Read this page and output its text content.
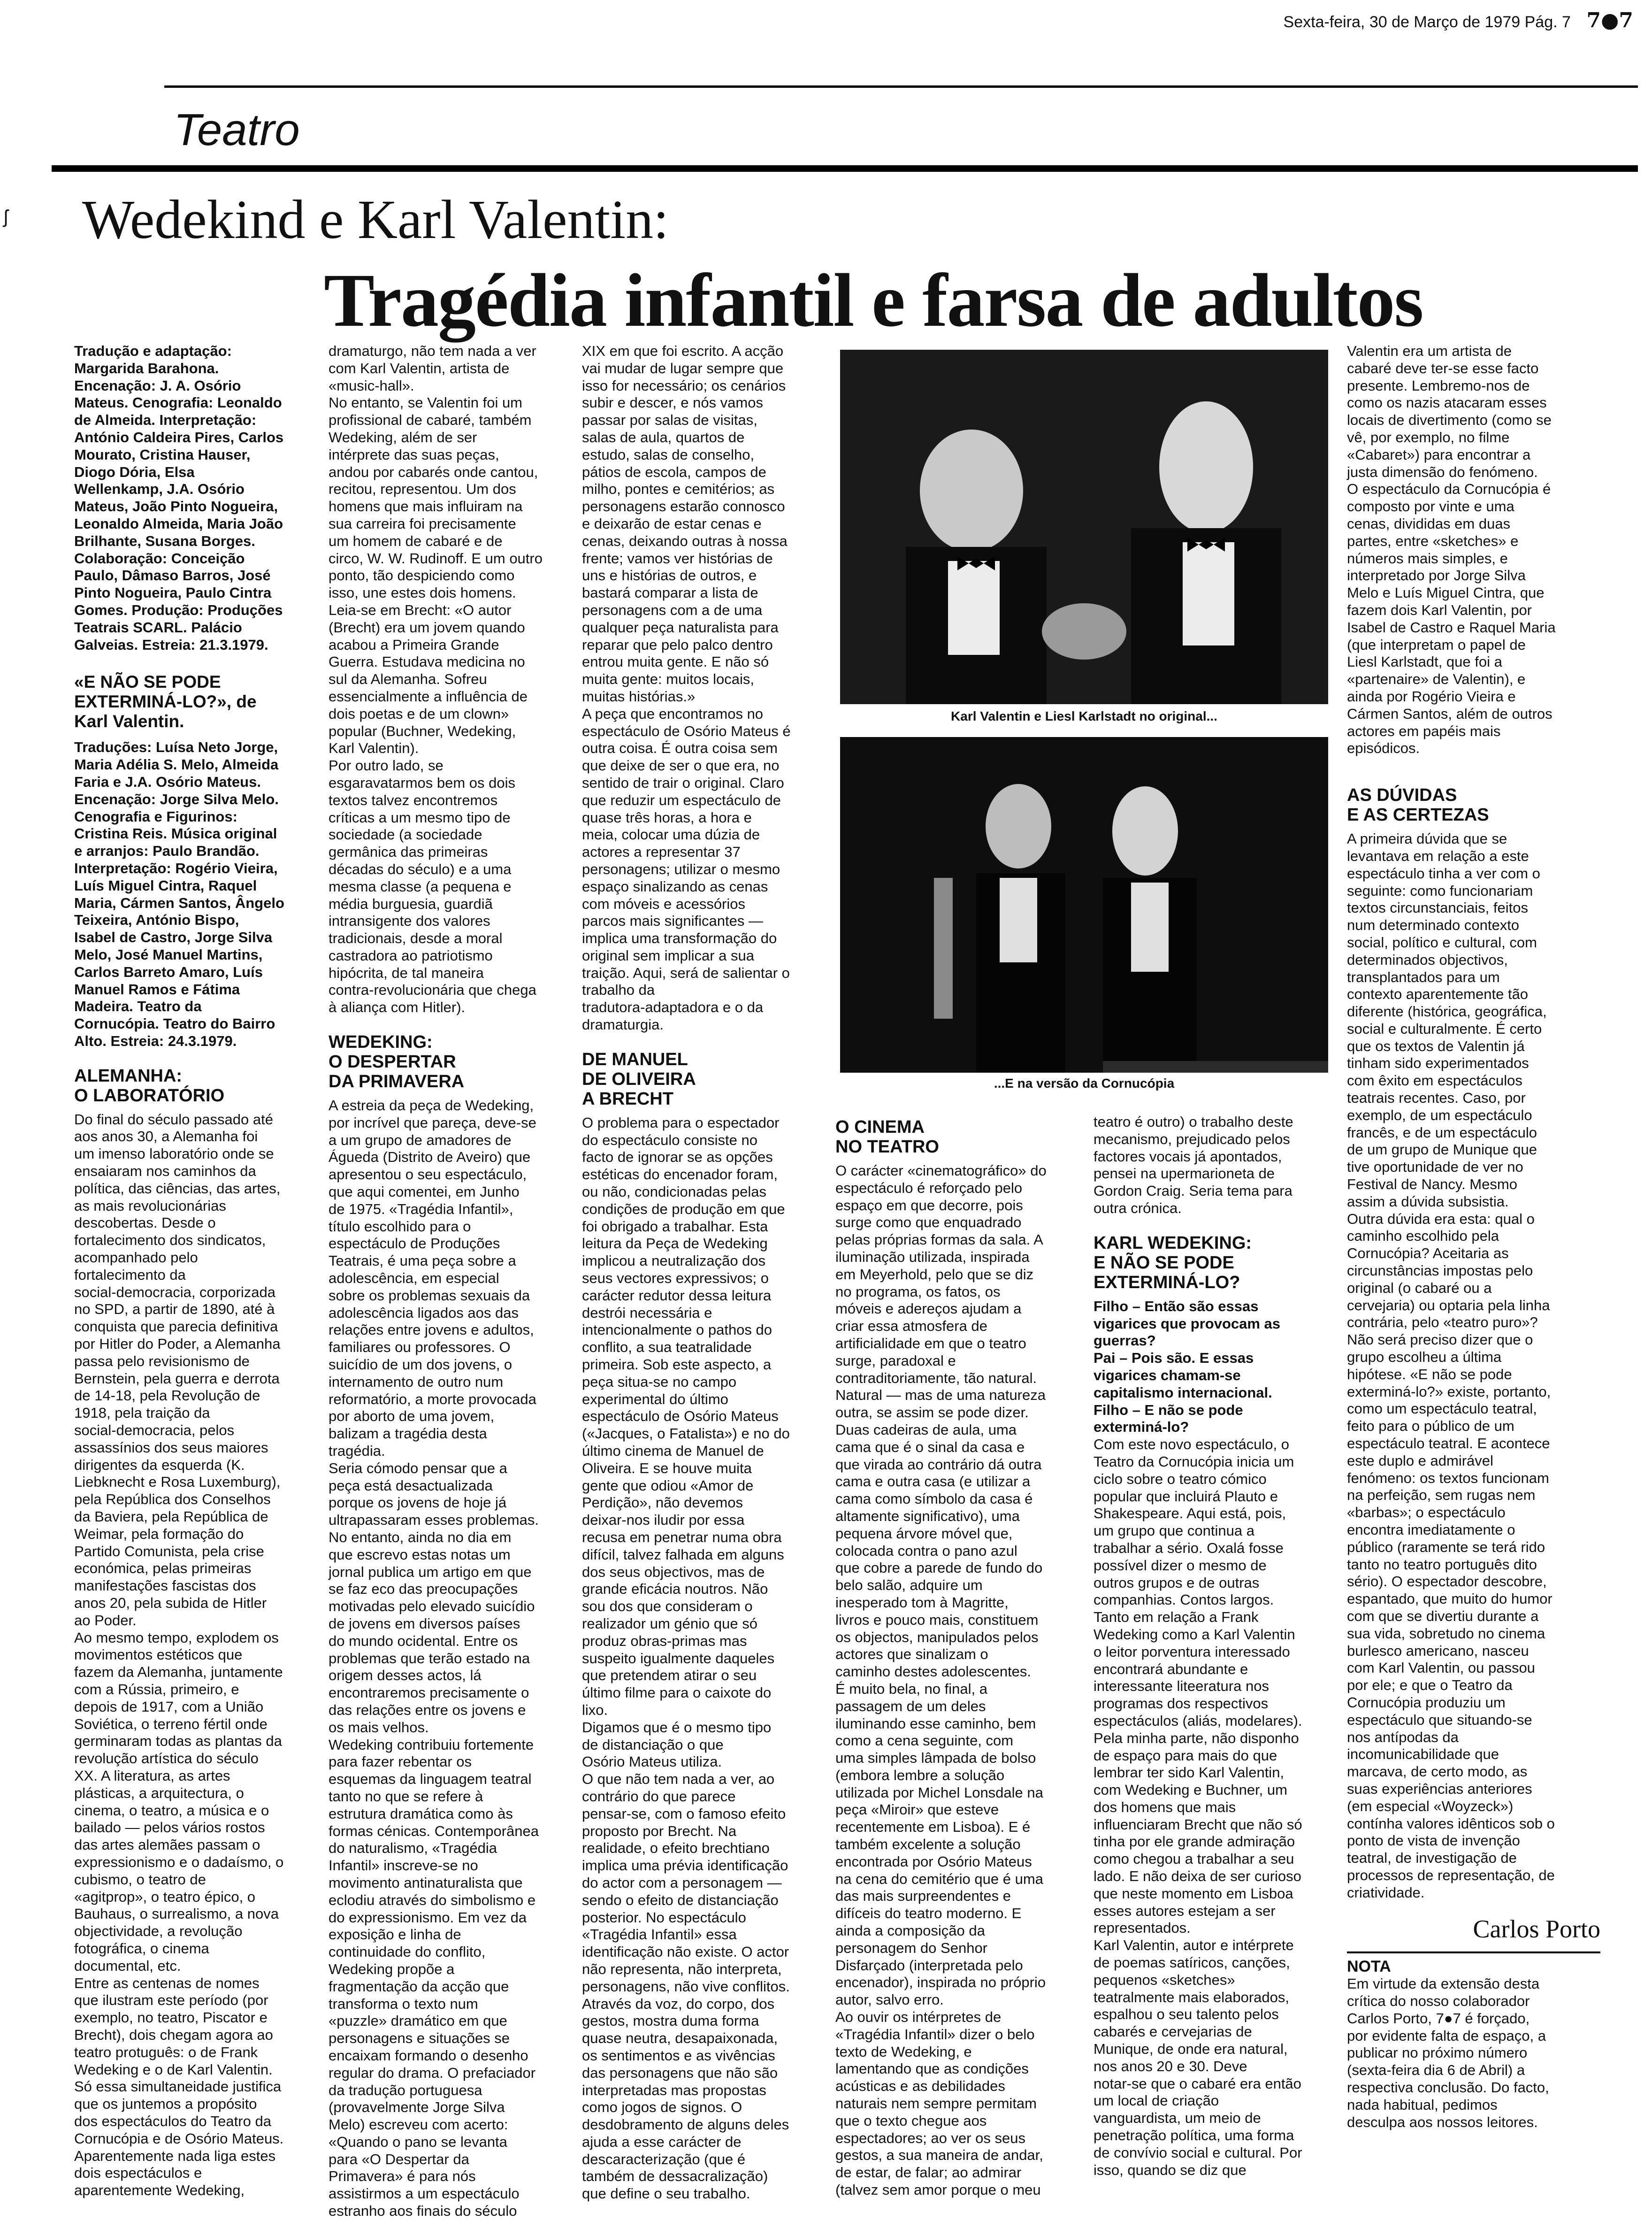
Sexta-feira, 30 de Março de 1979 Pág. 7 7●7
Teatro
ʃ Wedekind e Karl Valentin:
Tragédia infantil e farsa de adultos

Tradução e adaptação:

Margarida Barahona.

Encenação: J. A. Osório

Mateus. Cenografia: Leonaldo

de Almeida. Interpretação:

António Caldeira Pires, Carlos

Mourato, Cristina Hauser,

Diogo Dória, Elsa

Wellenkamp, J.A. Osório

Mateus, João Pinto Nogueira,

Leonaldo Almeida, Maria João

Brilhante, Susana Borges.

Colaboração: Conceição

Paulo, Dâmaso Barros, José

Pinto Nogueira, Paulo Cintra

Gomes. Produção: Produções

Teatrais SCARL. Palácio

Galveias. Estreia: 21.3.1979.

«E NÃO SE PODE

EXTERMINÁ-LO?», de

Karl Valentin.

Traduções: Luísa Neto Jorge,

Maria Adélia S. Melo, Almeida

Faria e J.A. Osório Mateus.

Encenação: Jorge Silva Melo.

Cenografia e Figurinos:

Cristina Reis. Música original

e arranjos: Paulo Brandão.

Interpretação: Rogério Vieira,

Luís Miguel Cintra, Raquel

Maria, Cármen Santos, Ângelo

Teixeira, António Bispo,

Isabel de Castro, Jorge Silva

Melo, José Manuel Martins,

Carlos Barreto Amaro, Luís

Manuel Ramos e Fátima

Madeira. Teatro da

Cornucópia. Teatro do Bairro

Alto. Estreia: 24.3.1979.

ALEMANHA:

O LABORATÓRIO

Do final do século passado até

aos anos 30, a Alemanha foi

um imenso laboratório onde se

ensaiaram nos caminhos da

política, das ciências, das artes,

as mais revolucionárias

descobertas. Desde o

fortalecimento dos sindicatos,

acompanhado pelo

fortalecimento da

social-democracia, corporizada

no SPD, a partir de 1890, até à

conquista que parecia definitiva

por Hitler do Poder, a Alemanha

passa pelo revisionismo de

Bernstein, pela guerra e derrota

de 14-18, pela Revolução de

1918, pela traição da

social-democracia, pelos

assassínios dos seus maiores

dirigentes da esquerda (K.

Liebknecht e Rosa Luxemburg),

pela República dos Conselhos

da Baviera, pela República de

Weimar, pela formação do

Partido Comunista, pela crise

económica, pelas primeiras

manifestações fascistas dos

anos 20, pela subida de Hitler

ao Poder.

Ao mesmo tempo, explodem os

movimentos estéticos que

fazem da Alemanha, juntamente

com a Rússia, primeiro, e

depois de 1917, com a União

Soviética, o terreno fértil onde

germinaram todas as plantas da

revolução artística do século

XX. A literatura, as artes

plásticas, a arquitectura, o

cinema, o teatro, a música e o

bailado — pelos vários rostos

das artes alemães passam o

expressionismo e o dadaísmo, o

cubismo, o teatro de

«agitprop», o teatro épico, o

Bauhaus, o surrealismo, a nova

objectividade, a revolução

fotográfica, o cinema

documental, etc.

Entre as centenas de nomes

que ilustram este período (por

exemplo, no teatro, Piscator e

Brecht), dois chegam agora ao

teatro protuguês: o de Frank

Wedeking e o de Karl Valentin.

Só essa simultaneidade justifica

que os juntemos a propósito

dos espectáculos do Teatro da

Cornucópia e de Osório Mateus.

Aparentemente nada liga estes

dois espectáculos e

aparentemente Wedeking,

dramaturgo, não tem nada a ver

com Karl Valentin, artista de

«music-hall».

No entanto, se Valentin foi um

profissional de cabaré, também

Wedeking, além de ser

intérprete das suas peças,

andou por cabarés onde cantou,

recitou, representou. Um dos

homens que mais influiram na

sua carreira foi precisamente

um homem de cabaré e de

circo, W. W. Rudinoff. E um outro

ponto, tão despiciendo como

isso, une estes dois homens.

Leia-se em Brecht: «O autor

(Brecht) era um jovem quando

acabou a Primeira Grande

Guerra. Estudava medicina no

sul da Alemanha. Sofreu

essencialmente a influência de

dois poetas e de um clown»

popular (Buchner, Wedeking,

Karl Valentin).

Por outro lado, se

esgaravatarmos bem os dois

textos talvez encontremos

críticas a um mesmo tipo de

sociedade (a sociedade

germânica das primeiras

décadas do século) e a uma

mesma classe (a pequena e

média burguesia, guardiã

intransigente dos valores

tradicionais, desde a moral

castradora ao patriotismo

hipócrita, de tal maneira

contra-revolucionária que chega

à aliança com Hitler).

WEDEKING:

O DESPERTAR

DA PRIMAVERA

A estreia da peça de Wedeking,

por incrível que pareça, deve-se

a um grupo de amadores de

Águeda (Distrito de Aveiro) que

apresentou o seu espectáculo,

que aqui comentei, em Junho

de 1975. «Tragédia Infantil»,

título escolhido para o

espectáculo de Produções

Teatrais, é uma peça sobre a

adolescência, em especial

sobre os problemas sexuais da

adolescência ligados aos das

relações entre jovens e adultos,

familiares ou professores. O

suicídio de um dos jovens, o

internamento de outro num

reformatório, a morte provocada

por aborto de uma jovem,

balizam a tragédia desta

tragédia.

Seria cómodo pensar que a

peça está desactualizada

porque os jovens de hoje já

ultrapassaram esses problemas.

No entanto, ainda no dia em

que escrevo estas notas um

jornal publica um artigo em que

se faz eco das preocupações

motivadas pelo elevado suicídio

de jovens em diversos países

do mundo ocidental. Entre os

problemas que terão estado na

origem desses actos, lá

encontraremos precisamente o

das relações entre os jovens e

os mais velhos.

Wedeking contribuiu fortemente

para fazer rebentar os

esquemas da linguagem teatral

tanto no que se refere à

estrutura dramática como às

formas cénicas. Contemporânea

do naturalismo, «Tragédia

Infantil» inscreve-se no

movimento antinaturalista que

eclodiu através do simbolismo e

do expressionismo. Em vez da

exposição e linha de

continuidade do conflito,

Wedeking propõe a

fragmentação da acção que

transforma o texto num

«puzzle» dramático em que

personagens e situações se

encaixam formando o desenho

regular do drama. O prefaciador

da tradução portuguesa

(provavelmente Jorge Silva

Melo) escreveu com acerto:

«Quando o pano se levanta

para «O Despertar da

Primavera» é para nós

assistirmos a um espectáculo

estranho aos finais do século

XIX em que foi escrito. A acção

vai mudar de lugar sempre que

isso for necessário; os cenários

subir e descer, e nós vamos

passar por salas de visitas,

salas de aula, quartos de

estudo, salas de conselho,

pátios de escola, campos de

milho, pontes e cemitérios; as

personagens estarão connosco

e deixarão de estar cenas e

cenas, deixando outras à nossa

frente; vamos ver histórias de

uns e histórias de outros, e

bastará comparar a lista de

personagens com a de uma

qualquer peça naturalista para

reparar que pelo palco dentro

entrou muita gente. E não só

muita gente: muitos locais,

muitas histórias.»

A peça que encontramos no

espectáculo de Osório Mateus é

outra coisa. É outra coisa sem

que deixe de ser o que era, no

sentido de trair o original. Claro

que reduzir um espectáculo de

quase três horas, a hora e

meia, colocar uma dúzia de

actores a representar 37

personagens; utilizar o mesmo

espaço sinalizando as cenas

com móveis e acessórios

parcos mais significantes —

implica uma transformação do

original sem implicar a sua

traição. Aqui, será de salientar o

trabalho da

tradutora-adaptadora e o da

dramaturgia.

DE MANUEL

DE OLIVEIRA

A BRECHT

O problema para o espectador

do espectáculo consiste no

facto de ignorar se as opções

estéticas do encenador foram,

ou não, condicionadas pelas

condições de produção em que

foi obrigado a trabalhar. Esta

leitura da Peça de Wedeking

implicou a neutralização dos

seus vectores expressivos; o

carácter redutor dessa leitura

destrói necessária e

intencionalmente o pathos do

conflito, a sua teatralidade

primeira. Sob este aspecto, a

peça situa-se no campo

experimental do último

espectáculo de Osório Mateus

(«Jacques, o Fatalista») e no do

último cinema de Manuel de

Oliveira. E se houve muita

gente que odiou «Amor de

Perdição», não devemos

deixar-nos iludir por essa

recusa em penetrar numa obra

difícil, talvez falhada em alguns

dos seus objectivos, mas de

grande eficácia noutros. Não

sou dos que consideram o

realizador um génio que só

produz obras-primas mas

suspeito igualmente daqueles

que pretendem atirar o seu

último filme para o caixote do

lixo.

Digamos que é o mesmo tipo

de distanciação o que

Osório Mateus utiliza.

O que não tem nada a ver, ao

contrário do que parece

pensar-se, com o famoso efeito

proposto por Brecht. Na

realidade, o efeito brechtiano

implica uma prévia identificação

do actor com a personagem —

sendo o efeito de distanciação

posterior. No espectáculo

«Tragédia Infantil» essa

identificação não existe. O actor

não representa, não interpreta,

personagens, não vive conflitos.

Através da voz, do corpo, dos

gestos, mostra duma forma

quase neutra, desapaixonada,

os sentimentos e as vivências

das personagens que não são

interpretadas mas propostas

como jogos de signos. O

desdobramento de alguns deles

ajuda a esse carácter de

descaracterização (que é

também de dessacralização)

que define o seu trabalho.

Karl Valentin e Liesl Karlstadt no original...
...E na versão da Cornucópia

O CINEMA

NO TEATRO

O carácter «cinematográfico» do

espectáculo é reforçado pelo

espaço em que decorre, pois

surge como que enquadrado

pelas próprias formas da sala. A

iluminação utilizada, inspirada

em Meyerhold, pelo que se diz

no programa, os fatos, os

móveis e adereços ajudam a

criar essa atmosfera de

artificialidade em que o teatro

surge, paradoxal e

contraditoriamente, tão natural.

Natural — mas de uma natureza

outra, se assim se pode dizer.

Duas cadeiras de aula, uma

cama que é o sinal da casa e

que virada ao contrário dá outra

cama e outra casa (e utilizar a

cama como símbolo da casa é

altamente significativo), uma

pequena árvore móvel que,

colocada contra o pano azul

que cobre a parede de fundo do

belo salão, adquire um

inesperado tom à Magritte,

livros e pouco mais, constituem

os objectos, manipulados pelos

actores que sinalizam o

caminho destes adolescentes.

É muito bela, no final, a

passagem de um deles

iluminando esse caminho, bem

como a cena seguinte, com

uma simples lâmpada de bolso

(embora lembre a solução

utilizada por Michel Lonsdale na

peça «Miroir» que esteve

recentemente em Lisboa). E é

também excelente a solução

encontrada por Osório Mateus

na cena do cemitério que é uma

das mais surpreendentes e

difíceis do teatro moderno. E

ainda a composição da

personagem do Senhor

Disfarçado (interpretada pelo

encenador), inspirada no próprio

autor, salvo erro.

Ao ouvir os intérpretes de

«Tragédia Infantil» dizer o belo

texto de Wedeking, e

lamentando que as condições

acústicas e as debilidades

naturais nem sempre permitam

que o texto chegue aos

espectadores; ao ver os seus

gestos, a sua maneira de andar,

de estar, de falar; ao admirar

(talvez sem amor porque o meu

teatro é outro) o trabalho deste

mecanismo, prejudicado pelos

factores vocais já apontados,

pensei na upermarioneta de

Gordon Craig. Seria tema para

outra crónica.

KARL WEDEKING:

E NÃO SE PODE

EXTERMINÁ-LO?

Filho – Então são essas

vigarices que provocam as

guerras?

Pai – Pois são. E essas

vigarices chamam-se

capitalismo internacional.

Filho – E não se pode

exterminá-lo?

Com este novo espectáculo, o

Teatro da Cornucópia inicia um

ciclo sobre o teatro cómico

popular que incluirá Plauto e

Shakespeare. Aqui está, pois,

um grupo que continua a

trabalhar a sério. Oxalá fosse

possível dizer o mesmo de

outros grupos e de outras

companhias. Contos largos.

Tanto em relação a Frank

Wedeking como a Karl Valentin

o leitor porventura interessado

encontrará abundante e

interessante liteeratura nos

programas dos respectivos

espectáculos (aliás, modelares).

Pela minha parte, não disponho

de espaço para mais do que

lembrar ter sido Karl Valentin,

com Wedeking e Buchner, um

dos homens que mais

influenciaram Brecht que não só

tinha por ele grande admiração

como chegou a trabalhar a seu

lado. E não deixa de ser curioso

que neste momento em Lisboa

esses autores estejam a ser

representados.

Karl Valentin, autor e intérprete

de poemas satíricos, canções,

pequenos «sketches»

teatralmente mais elaborados,

espalhou o seu talento pelos

cabarés e cervejarias de

Munique, de onde era natural,

nos anos 20 e 30. Deve

notar-se que o cabaré era então

um local de criação

vanguardista, um meio de

penetração política, uma forma

de convívio social e cultural. Por

isso, quando se diz que

Valentin era um artista de

cabaré deve ter-se esse facto

presente. Lembremo-nos de

como os nazis atacaram esses

locais de divertimento (como se

vê, por exemplo, no filme

«Cabaret») para encontrar a

justa dimensão do fenómeno.

O espectáculo da Cornucópia é

composto por vinte e uma

cenas, divididas em duas

partes, entre «sketches» e

números mais simples, e

interpretado por Jorge Silva

Melo e Luís Miguel Cintra, que

fazem dois Karl Valentin, por

Isabel de Castro e Raquel Maria

(que interpretam o papel de

Liesl Karlstadt, que foi a

«partenaire» de Valentin), e

ainda por Rogério Vieira e

Cármen Santos, além de outros

actores em papéis mais

episódicos.

AS DÚVIDAS

E AS CERTEZAS

A primeira dúvida que se

levantava em relação a este

espectáculo tinha a ver com o

seguinte: como funcionariam

textos circunstanciais, feitos

num determinado contexto

social, político e cultural, com

determinados objectivos,

transplantados para um

contexto aparentemente tão

diferente (histórica, geográfica,

social e culturalmente. É certo

que os textos de Valentin já

tinham sido experimentados

com êxito em espectáculos

teatrais recentes. Caso, por

exemplo, de um espectáculo

francês, e de um espectáculo

de um grupo de Munique que

tive oportunidade de ver no

Festival de Nancy. Mesmo

assim a dúvida subsistia.

Outra dúvida era esta: qual o

caminho escolhido pela

Cornucópia? Aceitaria as

circunstâncias impostas pelo

original (o cabaré ou a

cervejaria) ou optaria pela linha

contrária, pelo «teatro puro»?

Não será preciso dizer que o

grupo escolheu a última

hipótese. «E não se pode

exterminá-lo?» existe, portanto,

como um espectáculo teatral,

feito para o público de um

espectáculo teatral. E acontece

este duplo e admirável

fenómeno: os textos funcionam

na perfeição, sem rugas nem

«barbas»; o espectáculo

encontra imediatamente o

público (raramente se terá rido

tanto no teatro português dito

sério). O espectador descobre,

espantado, que muito do humor

com que se divertiu durante a

sua vida, sobretudo no cinema

burlesco americano, nasceu

com Karl Valentin, ou passou

por ele; e que o Teatro da

Cornucópia produziu um

espectáculo que situando-se

nos antípodas da

incomunicabilidade que

marcava, de certo modo, as

suas experiências anteriores

(em especial «Woyzeck»)

contínha valores idênticos sob o

ponto de vista de invenção

teatral, de investigação de

processos de representação, de

criatividade.

Carlos Porto
NOTA

Em virtude da extensão desta

crítica do nosso colaborador

Carlos Porto, 7●7 é forçado,

por evidente falta de espaço, a

publicar no próximo número

(sexta-feira dia 6 de Abril) a

respectiva conclusão. Do facto,

nada habitual, pedimos

desculpa aos nossos leitores.
